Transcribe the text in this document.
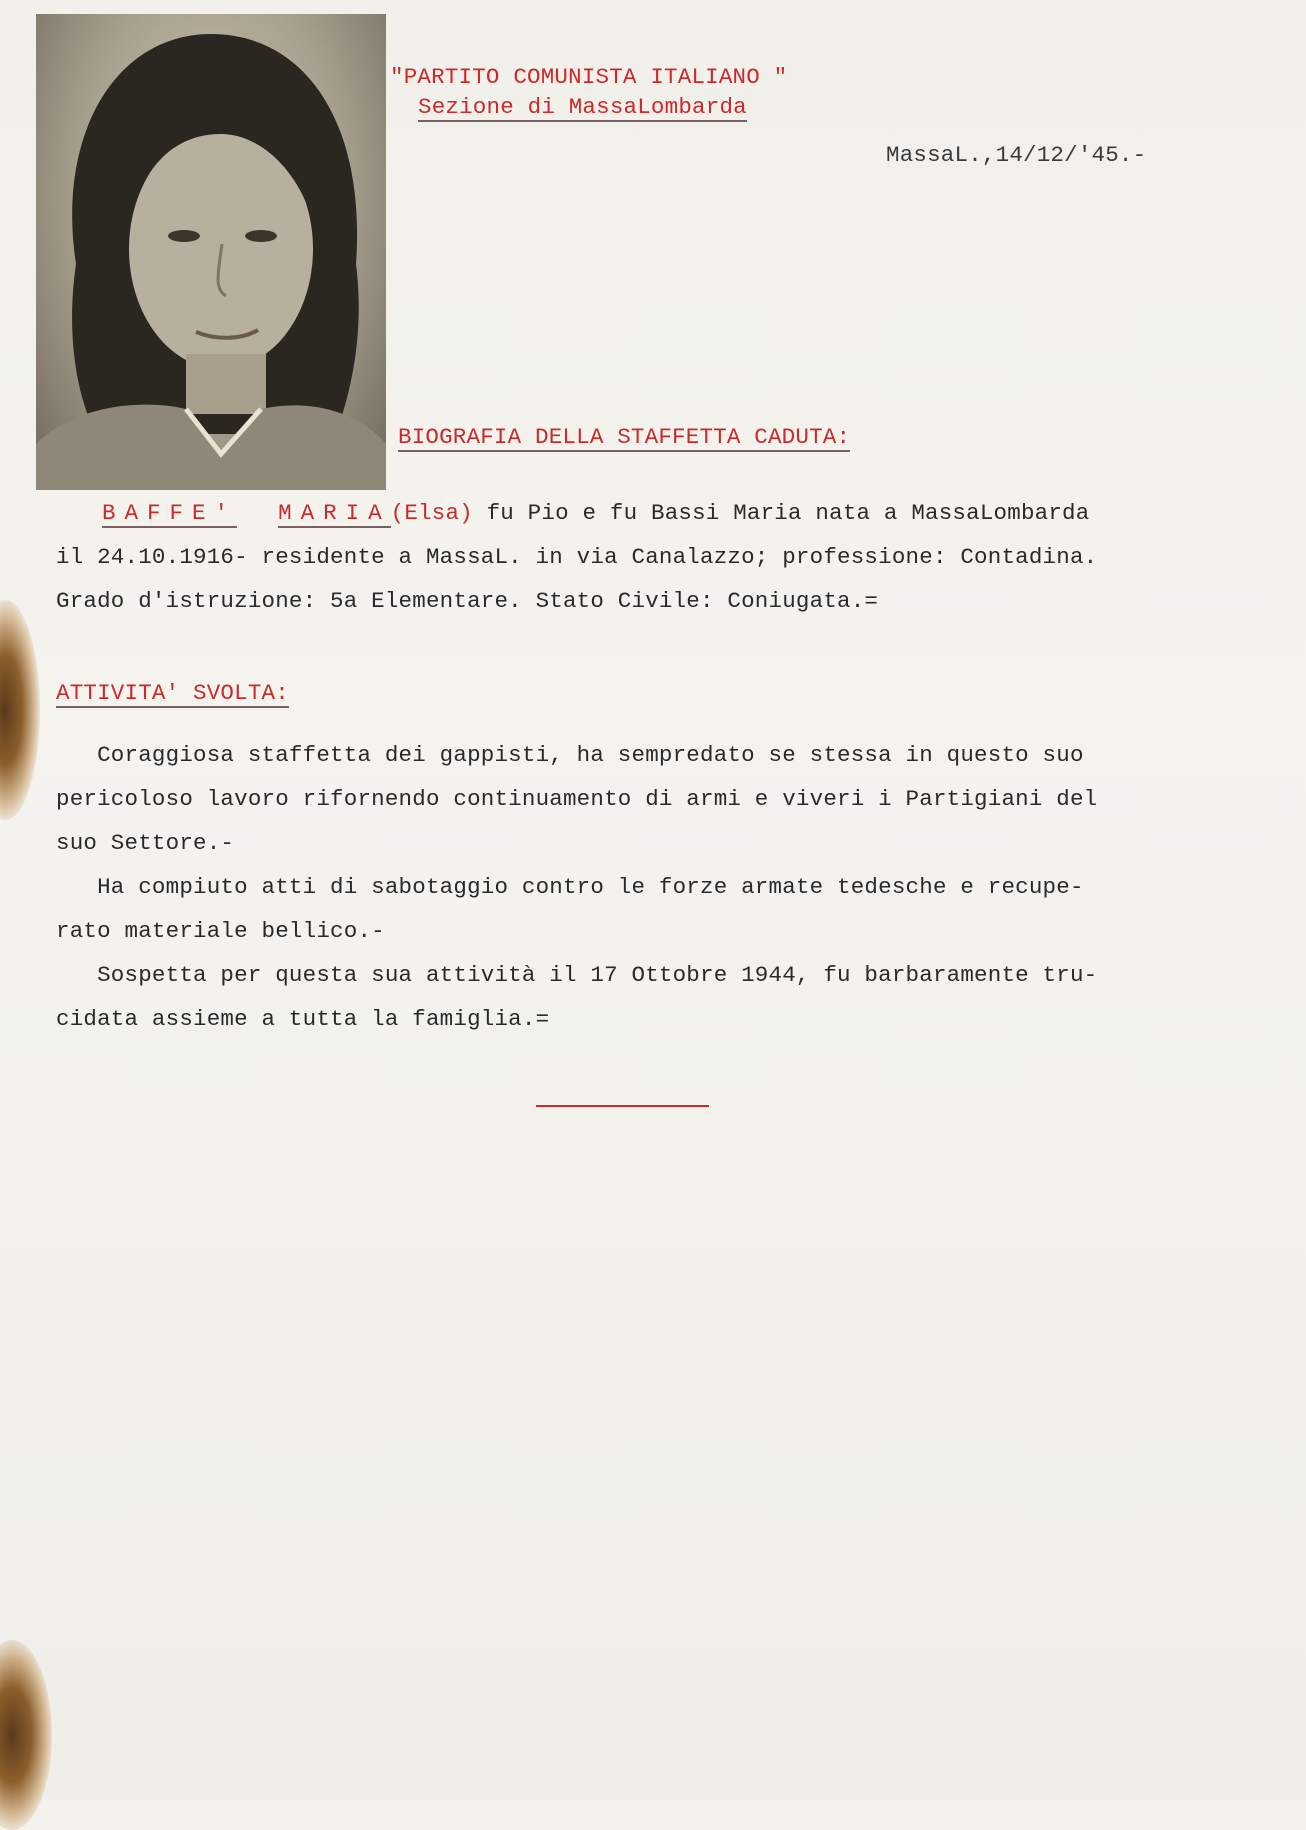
"PARTITO COMUNISTA ITALIANO "
Sezione di MassaLombarda
MassaL.,14/12/'45.-
BIOGRAFIA DELLA STAFFETTA CADUTA:
BAFFE' MARIA(Elsa) fu Pio e fu Bassi Maria nata a MassaLombarda
il 24.10.1916- residente a MassaL. in via Canalazzo; professione: Contadina.
Grado d'istruzione: 5a Elementare. Stato Civile: Coniugata.=
ATTIVITA' SVOLTA:
Coraggiosa staffetta dei gappisti, ha sempredato se stessa in questo suo
pericoloso lavoro rifornendo continuamento di armi e viveri i Partigiani del
suo Settore.-
Ha compiuto atti di sabotaggio contro le forze armate tedesche e recupe-
rato materiale bellico.-
Sospetta per questa sua attività il 17 Ottobre 1944, fu barbaramente tru-
cidata assieme a tutta la famiglia.=
